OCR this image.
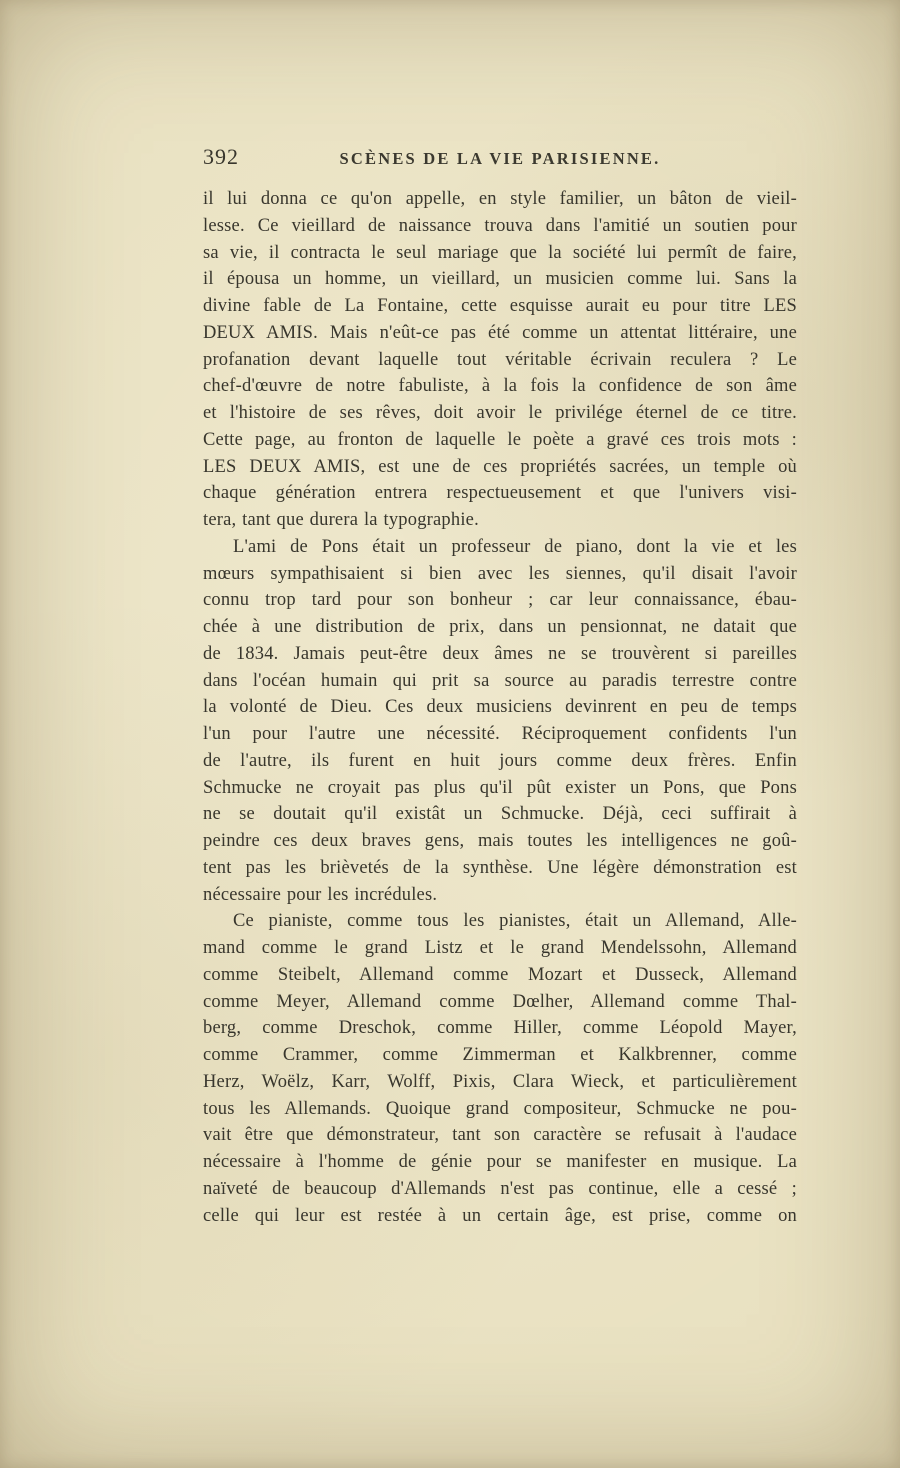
392	SCÈNES DE LA VIE PARISIENNE.
il lui donna ce qu'on appelle, en style familier, un bâton de vieil-
lesse. Ce vieillard de naissance trouva dans l'amitié un soutien pour
sa vie, il contracta le seul mariage que la société lui permît de faire,
il épousa un homme, un vieillard, un musicien comme lui. Sans la
divine fable de La Fontaine, cette esquisse aurait eu pour titre LES
DEUX AMIS. Mais n'eût-ce pas été comme un attentat littéraire, une
profanation devant laquelle tout véritable écrivain reculera ? Le
chef-d'œuvre de notre fabuliste, à la fois la confidence de son âme
et l'histoire de ses rêves, doit avoir le privilége éternel de ce titre.
Cette page, au fronton de laquelle le poète a gravé ces trois mots :
LES DEUX AMIS, est une de ces propriétés sacrées, un temple où
chaque génération entrera respectueusement et que l'univers visi-
tera, tant que durera la typographie.
L'ami de Pons était un professeur de piano, dont la vie et les
mœurs sympathisaient si bien avec les siennes, qu'il disait l'avoir
connu trop tard pour son bonheur ; car leur connaissance, ébau-
chée à une distribution de prix, dans un pensionnat, ne datait que
de 1834. Jamais peut-être deux âmes ne se trouvèrent si pareilles
dans l'océan humain qui prit sa source au paradis terrestre contre
la volonté de Dieu. Ces deux musiciens devinrent en peu de temps
l'un pour l'autre une nécessité. Réciproquement confidents l'un
de l'autre, ils furent en huit jours comme deux frères. Enfin
Schmucke ne croyait pas plus qu'il pût exister un Pons, que Pons
ne se doutait qu'il existât un Schmucke. Déjà, ceci suffirait à
peindre ces deux braves gens, mais toutes les intelligences ne goû-
tent pas les brièvetés de la synthèse. Une légère démonstration est
nécessaire pour les incrédules.
Ce pianiste, comme tous les pianistes, était un Allemand, Alle-
mand comme le grand Listz et le grand Mendelssohn, Allemand
comme Steibelt, Allemand comme Mozart et Dusseck, Allemand
comme Meyer, Allemand comme Dœlher, Allemand comme Thal-
berg, comme Dreschok, comme Hiller, comme Léopold Mayer,
comme Crammer, comme Zimmerman et Kalkbrenner, comme
Herz, Woëlz, Karr, Wolff, Pixis, Clara Wieck, et particulièrement
tous les Allemands. Quoique grand compositeur, Schmucke ne pou-
vait être que démonstrateur, tant son caractère se refusait à l'audace
nécessaire à l'homme de génie pour se manifester en musique. La
naïveté de beaucoup d'Allemands n'est pas continue, elle a cessé ;
celle qui leur est restée à un certain âge, est prise, comme on
